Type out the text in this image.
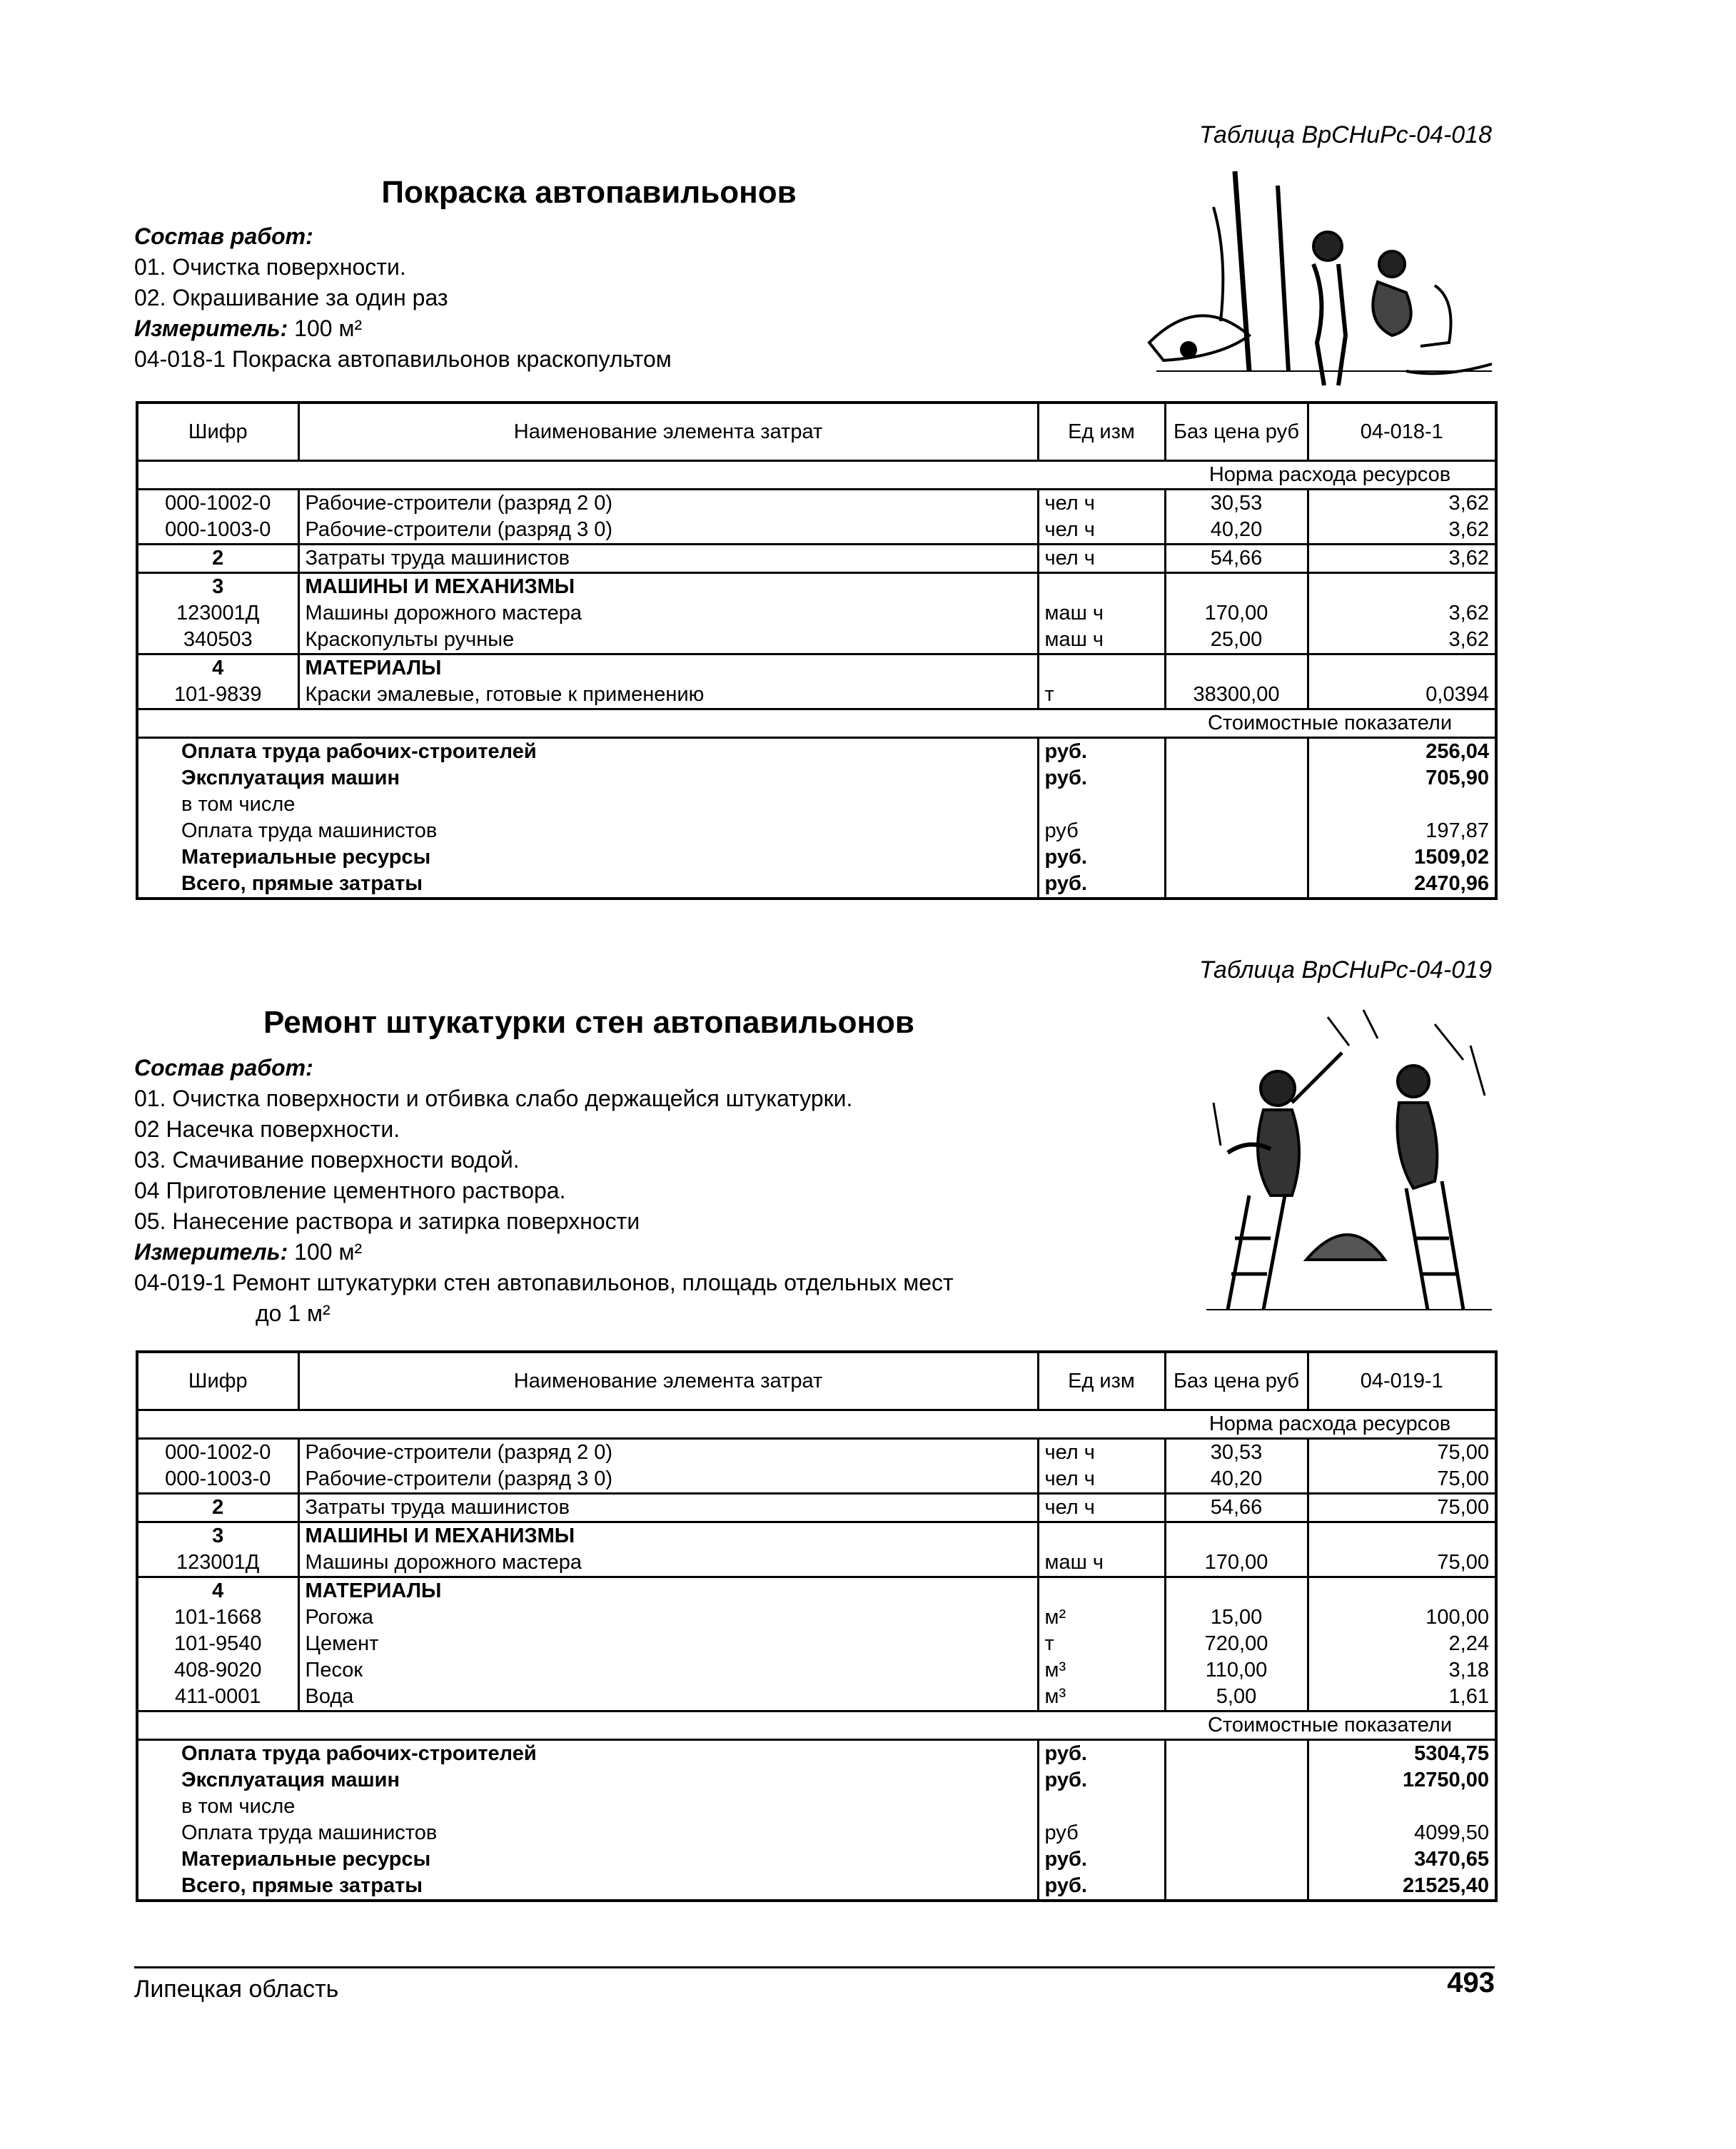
Таблица ВрСНиРс-04-018
Покраска автопавильонов
Состав работ:
01. Очистка поверхности.
02. Окрашивание за один раз
Измеритель: 100 м²
04-018-1 Покраска автопавильонов краскопультом
Шифр	Наименование элемента затрат	Ед изм	Баз цена руб	04-018-1
			Норма расхода ресурсов	
000-1002-0	Рабочие-строители (разряд 2 0)	чел ч	30,53	3,62
000-1003-0	Рабочие-строители (разряд 3 0)	чел ч	40,20	3,62
2	Затраты труда машинистов	чел ч	54,66	3,62
3	МАШИНЫ И МЕХАНИЗМЫ			
123001Д	Машины дорожного мастера	маш ч	170,00	3,62
340503	Краскопульты ручные	маш ч	25,00	3,62
4	МАТЕРИАЛЫ			
101-9839	Краски эмалевые, готовые к применению	т	38300,00	0,0394
			Стоимостные показатели	
Оплата труда рабочих-строителей		руб.		256,04
Эксплуатация машин		руб.		705,90
в том числе				
Оплата труда машинистов		руб		197,87
Материальные ресурсы		руб.		1509,02
Всего, прямые затраты		руб.		2470,96
Таблица ВрСНиРс-04-019
Ремонт штукатурки стен автопавильонов
Состав работ:
01. Очистка поверхности и отбивка слабо держащейся штукатурки.
02 Насечка поверхности.
03. Смачивание поверхности водой.
04 Приготовление цементного раствора.
05. Нанесение раствора и затирка поверхности
Измеритель: 100 м²
04-019-1 Ремонт штукатурки стен автопавильонов, площадь отдельных мест
до 1 м²
Шифр	Наименование элемента затрат	Ед изм	Баз цена руб	04-019-1
			Норма расхода ресурсов	
000-1002-0	Рабочие-строители (разряд 2 0)	чел ч	30,53	75,00
000-1003-0	Рабочие-строители (разряд 3 0)	чел ч	40,20	75,00
2	Затраты труда машинистов	чел ч	54,66	75,00
3	МАШИНЫ И МЕХАНИЗМЫ			
123001Д	Машины дорожного мастера	маш ч	170,00	75,00
4	МАТЕРИАЛЫ			
101-1668	Рогожа	м²	15,00	100,00
101-9540	Цемент	т	720,00	2,24
408-9020	Песок	м³	110,00	3,18
411-0001	Вода	м³	5,00	1,61
			Стоимостные показатели	
Оплата труда рабочих-строителей		руб.		5304,75
Эксплуатация машин		руб.		12750,00
в том числе				
Оплата труда машинистов		руб		4099,50
Материальные ресурсы		руб.		3470,65
Всего, прямые затраты		руб.		21525,40
Липецкая область	493
